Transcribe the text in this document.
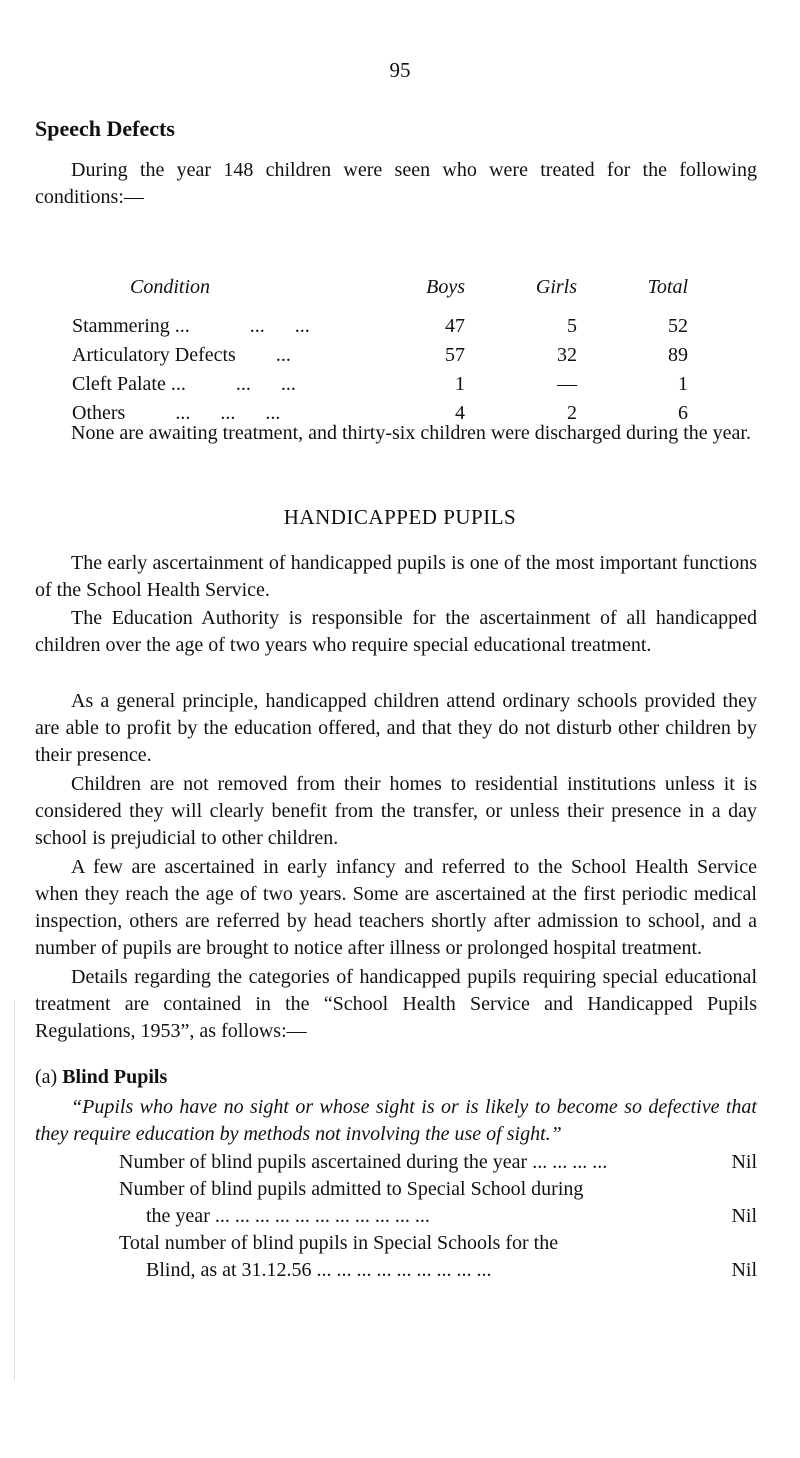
95
Speech Defects
During the year 148 children were seen who were treated for the following conditions:—
Condition	Boys	Girls	Total
Stammering ...            ...      ...	47	5	52
Articulatory Defects        ...	57	32	89
Cleft Palate ...          ...      ...	1	—	1
Others          ...      ...      ...	4	2	6
None are awaiting treatment, and thirty-six children were discharged during the year.
HANDICAPPED PUPILS
The early ascertainment of handicapped pupils is one of the most important functions of the School Health Service.
The Education Authority is responsible for the ascertainment of all handicapped children over the age of two years who require special educational treatment.
As a general principle, handicapped children attend ordinary schools provided they are able to profit by the education offered, and that they do not disturb other children by their presence.
Children are not removed from their homes to residential institutions unless it is considered they will clearly benefit from the transfer, or unless their presence in a day school is prejudicial to other children.
A few are ascertained in early infancy and referred to the School Health Service when they reach the age of two years. Some are ascertained at the first periodic medical inspection, others are referred by head teachers shortly after admission to school, and a number of pupils are brought to notice after illness or prolonged hospital treatment.
Details regarding the categories of handicapped pupils requiring special educational treatment are contained in the “School Health Service and Handicapped Pupils Regulations, 1953”, as follows:—
(a) Blind Pupils
“Pupils who have no sight or whose sight is or is likely to become so defective that they require education by methods not involving the use of sight.”
Number of blind pupils ascertained during the year ... ... ... ...	Nil
Number of blind pupils admitted to Special School during
the year ... ... ... ... ... ... ... ... ... ... ...	Nil
Total number of blind pupils in Special Schools for the
Blind, as at 31.12.56 ... ... ... ... ... ... ... ... ...	Nil
